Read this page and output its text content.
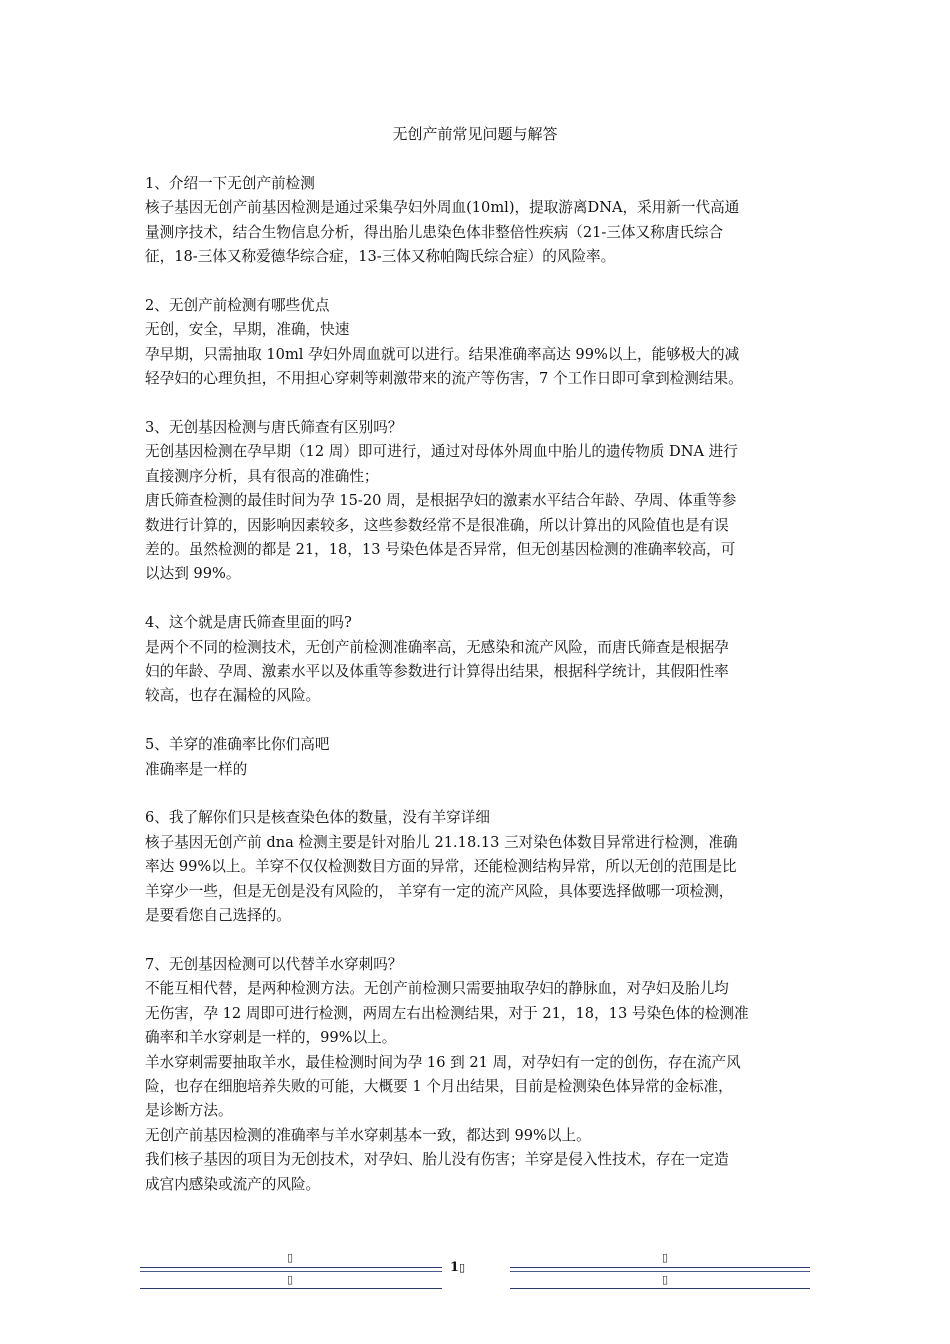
无创产前常见问题与解答
1、介绍一下无创产前检测
核子基因无创产前基因检测是通过采集孕妇外周血(10ml)，提取游离DNA，采用新一代高通
量测序技术，结合生物信息分析，得出胎儿患染色体非整倍性疾病（21-三体又称唐氏综合
征，18-三体又称爱德华综合症，13-三体又称帕陶氏综合症）的风险率。
2、无创产前检测有哪些优点
无创，安全，早期，准确，快速
孕早期，只需抽取 10ml 孕妇外周血就可以进行。结果准确率高达 99%以上，能够极大的减
轻孕妇的心理负担，不用担心穿刺等刺激带来的流产等伤害，7 个工作日即可拿到检测结果。
3、无创基因检测与唐氏筛查有区别吗？
无创基因检测在孕早期（12 周）即可进行，通过对母体外周血中胎儿的遗传物质 DNA 进行
直接测序分析，具有很高的准确性；
唐氏筛查检测的最佳时间为孕 15-20 周，是根据孕妇的激素水平结合年龄、孕周、体重等参
数进行计算的，因影响因素较多，这些参数经常不是很准确，所以计算出的风险值也是有误
差的。虽然检测的都是 21，18，13 号染色体是否异常，但无创基因检测的准确率较高，可
以达到 99%。
4、这个就是唐氏筛查里面的吗?
是两个不同的检测技术，无创产前检测准确率高，无感染和流产风险，而唐氏筛查是根据孕
妇的年龄、孕周、激素水平以及体重等参数进行计算得出结果，根据科学统计，其假阳性率
较高，也存在漏检的风险。
5、羊穿的准确率比你们高吧
准确率是一样的
6、我了解你们只是核查染色体的数量，没有羊穿详细
核子基因无创产前 dna 检测主要是针对胎儿 21.18.13 三对染色体数目异常进行检测，准确
率达 99%以上。羊穿不仅仅检测数目方面的异常，还能检测结构异常，所以无创的范围是比
羊穿少一些，但是无创是没有风险的， 羊穿有一定的流产风险，具体要选择做哪一项检测，
是要看您自己选择的。
7、无创基因检测可以代替羊水穿刺吗？
不能互相代替，是两种检测方法。无创产前检测只需要抽取孕妇的静脉血，对孕妇及胎儿均
无伤害，孕 12 周即可进行检测，两周左右出检测结果，对于 21，18，13 号染色体的检测准
确率和羊水穿刺是一样的，99%以上。
羊水穿刺需要抽取羊水，最佳检测时间为孕 16 到 21 周，对孕妇有一定的创伤，存在流产风
险，也存在细胞培养失败的可能，大概要 1 个月出结果，目前是检测染色体异常的金标准，
是诊断方法。
无创产前基因检测的准确率与羊水穿刺基本一致，都达到 99%以上。
我们核子基因的项目为无创技术，对孕妇、胎儿没有伤害；羊穿是侵入性技术，存在一定造
成宫内感染或流产的风险。
▯
▯
1▯
▯
▯
